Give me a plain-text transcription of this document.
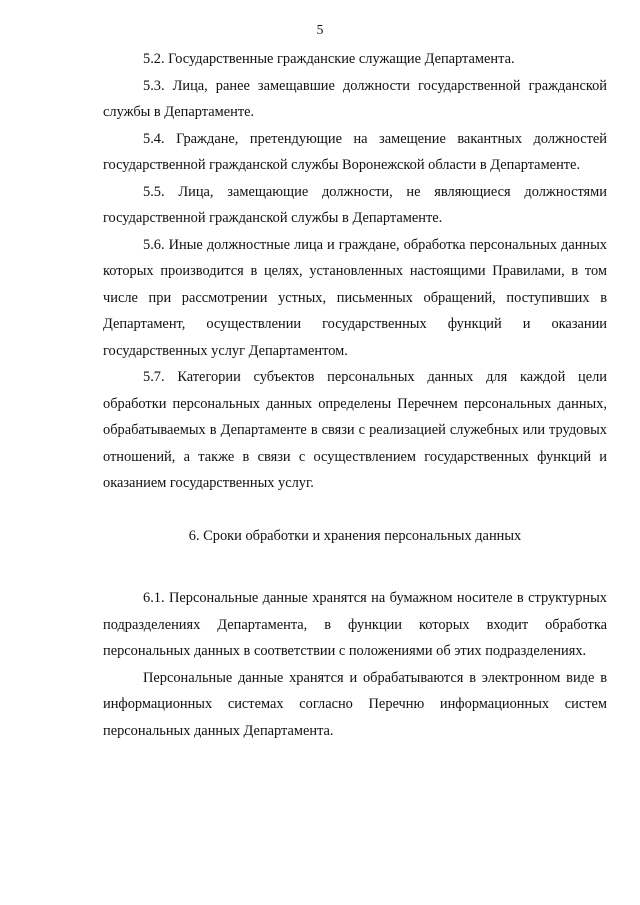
5

5.2. Государственные гражданские служащие Департамента.

5.3. Лица, ранее замещавшие должности государственной гражданской службы в Департаменте.

5.4. Граждане, претендующие на замещение вакантных должностей государственной гражданской службы Воронежской области в Департаменте.

5.5. Лица, замещающие должности, не являющиеся должностями государственной гражданской службы в Департаменте.

5.6. Иные должностные лица и граждане, обработка персональных данных которых производится в целях, установленных настоящими Правилами, в том числе при рассмотрении устных, письменных обращений, поступивших в Департамент, осуществлении государственных функций и оказании государственных услуг Департаментом.

5.7. Категории субъектов персональных данных для каждой цели обработки персональных данных определены Перечнем персональных данных, обрабатываемых в Департаменте в связи с реализацией служебных или трудовых отношений, а также в связи с осуществлением государственных функций и оказанием государственных услуг.

6. Сроки обработки и хранения персональных данных

6.1. Персональные данные хранятся на бумажном носителе в структурных подразделениях Департамента, в функции которых входит обработка персональных данных в соответствии с положениями об этих подразделениях.

Персональные данные хранятся и обрабатываются в электронном виде в информационных системах согласно Перечню информационных систем персональных данных Департамента.
